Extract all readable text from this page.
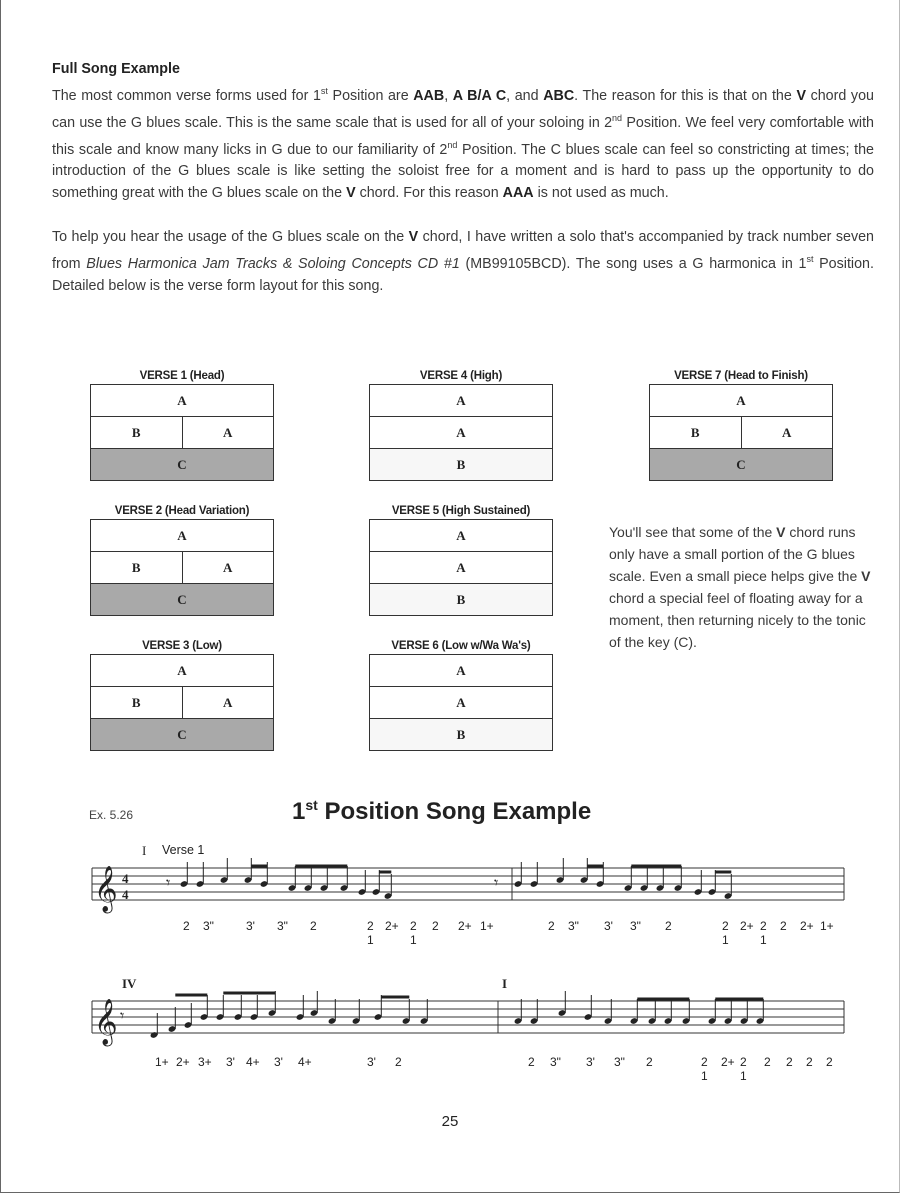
Full Song Example

The most common verse forms used for 1st Position are AAB, A B/A C, and ABC. The reason for this is that on the V chord you can use the G blues scale. This is the same scale that is used for all of your soloing in 2nd Position. We feel very comfortable with this scale and know many licks in G due to our familiarity of 2nd Position. The C blues scale can feel so constricting at times; the introduction of the G blues scale is like setting the soloist free for a moment and is hard to pass up the opportunity to do something great with the G blues scale on the V chord. For this reason AAA is not used as much.

To help you hear the usage of the G blues scale on the V chord, I have written a solo that's accompanied by track number seven from Blues Harmonica Jam Tracks & Soloing Concepts CD #1 (MB99105BCD). The song uses a G harmonica in 1st Position. Detailed below is the verse form layout for this song.

VERSE 1 (Head)
A
B	A
C
VERSE 2 (Head Variation)
A
B	A
C
VERSE 3 (Low)
A
B	A
C
VERSE 4 (High)
A
A
B
VERSE 5 (High Sustained)
A
A
B
VERSE 6 (Low w/Wa Wa's)
A
A
B
VERSE 7 (Head to Finish)
A
B	A
C
You'll see that some of the V chord runs only have a small portion of the G blues scale. Even a small piece helps give the V chord a special feel of floating away for a moment, then returning nicely to the tonic of the key (C).
Ex. 5.26	1st Position Song Example
I Verse 1
𝄞 4
4
𝄾	𝄾
2 3"	3' 3" 2	2
1
2+ 2
1
2 2+ 1+	2 3" 3' 3" 2	2
1
2+ 2
1
2 2+ 1+
IV	I
𝄞 𝄾
1+ 2+ 3+ 3' 4+ 3' 4+	3' 2	2 3" 3' 3" 2	2
1
2+ 2
1
2 2 2 2
25
